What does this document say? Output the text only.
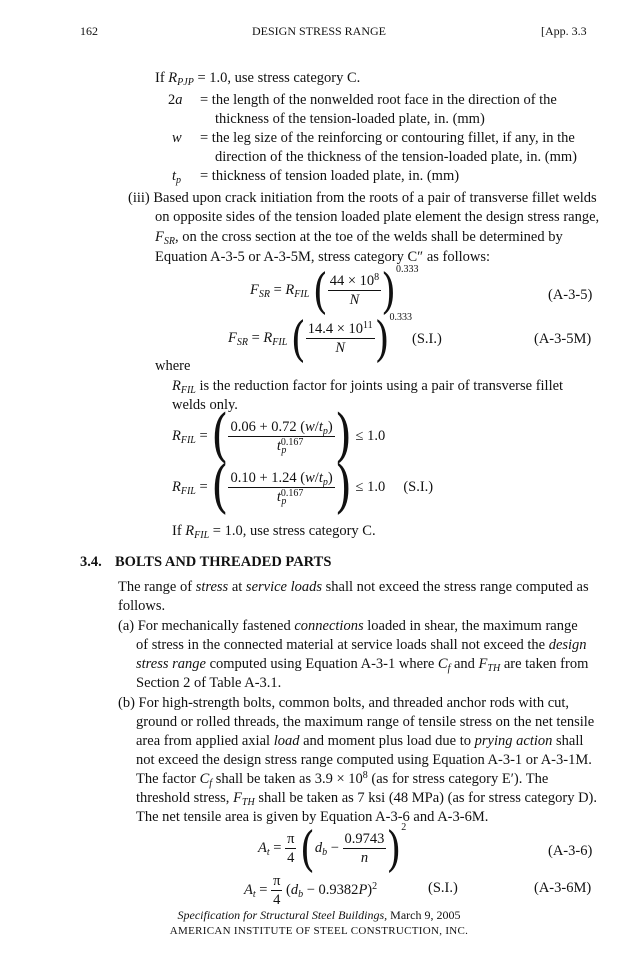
162	DESIGN STRESS RANGE	[App. 3.3
If $R_{PJP} = 1.0$, use stress category C.
2a = the length of the nonwelded root face in the direction of the
thickness of the tension-loaded plate, in. (mm)
w = the leg size of the reinforcing or contouring fillet, if any, in the
direction of the thickness of the tension-loaded plate, in. (mm)
$t_p$ = thickness of tension loaded plate, in. (mm)
(iii) Based upon crack initiation from the roots of a pair of transverse fillet welds
on opposite sides of the tension loaded plate element the design stress range,
$F_{SR}$, on the cross section at the toe of the welds shall be determined by
Equation A-3-5 or A-3-5M, stress category C″ as follows:
$F_{SR} = R_{FIL}$ ( $\frac{44 \times 10^8}{N} )^{0.333}$
(A-3-5)
$F_{SR} = R_{FIL}$ ( $\frac{14.4 \times 10^{11}}{N} )^{0.333}$
(S.I.)	(A-3-5M)
where
$R_{FIL}$ is the reduction factor for joints using a pair of transverse fillet
welds only.
$R_{FIL}$ = ( $\frac{0.06 + 0.72 (w/t_p)}{t^{0.167}_p}$ ) ≤ 1.0
$R_{FIL}$ = ( $\frac{0.10 + 1.24 (w/t_p)}{t^{0.167}_p}$ ) ≤ 1.0     (S.I.)
If $R_{FIL} = 1.0$, use stress category C.
3.4. BOLTS AND THREADED PARTS
The range of stress at service loads shall not exceed the stress range computed as
follows.
(a) For mechanically fastened connections loaded in shear, the maximum range
of stress in the connected material at service loads shall not exceed the design
stress range computed using Equation A-3-1 where $C_f$ and $F_{TH}$ are taken from
Section 2 of Table A-3.1.
(b) For high-strength bolts, common bolts, and threaded anchor rods with cut,
ground or rolled threads, the maximum range of tensile stress on the net tensile
area from applied axial load and moment plus load due to prying action shall
not exceed the design stress range computed using Equation A-3-1 or A-3-1M.
The factor $C_f$ shall be taken as $3.9 \times 10^8$ (as for stress category E′). The
threshold stress, $F_{TH}$ shall be taken as 7 ksi (48 MPa) (as for stress category D).
The net tensile area is given by Equation A-3-6 and A-3-6M.
$A_t = \frac{\pi}{4} (d_b - \frac{0.9743}{n} )^2$
(A-3-6)
$A_t = \frac{\pi}{4} (d_b - 0.9382P)^2$	(S.I.)	(A-3-6M)
Specification for Structural Steel Buildings, March 9, 2005
AMERICAN INSTITUTE OF STEEL CONSTRUCTION, INC.
